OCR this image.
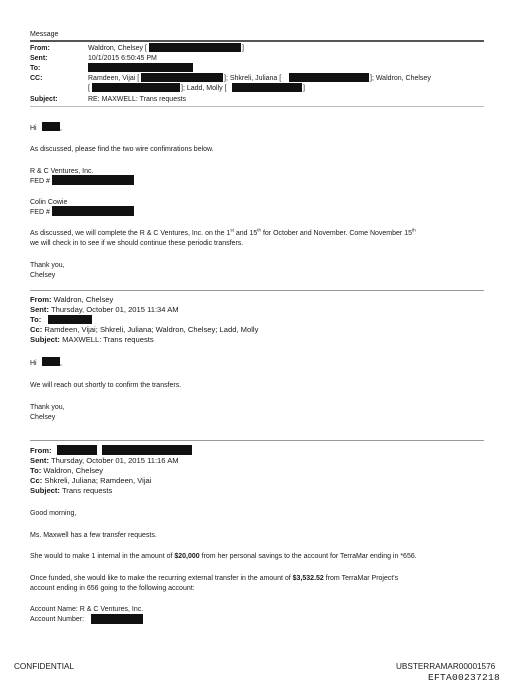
Message
From:	Waldron, Chelsey [	]
Sent:	10/1/2015 6:50:45 PM
To:
CC:	Ramdeen, Vijai [	]; Shkreli, Juliana [	]; Waldron, Chelsey
[	]; Ladd, Molly [	]
Subject:	RE: MAXWELL: Trans requests
Hi	,
As discussed, please find the two wire confimrations below.
R & C Ventures, Inc.
FED #
Colin Cowie
FED #
As discussed, we will complete the R & C Ventures, Inc. on the 1st and 15th for October and November. Come November 15th
we will check in to see if we should continue these periodic transfers.
Thank you,
Chelsey
From: Waldron, Chelsey
Sent: Thursday, October 01, 2015 11:34 AM
To:
Cc: Ramdeen, Vijai; Shkreli, Juliana; Waldron, Chelsey; Ladd, Molly
Subject: MAXWELL: Trans requests
Hi	,
We will reach out shortly to confirm the transfers.
Thank you,
Chelsey
From:
Sent: Thursday, October 01, 2015 11:16 AM
To: Waldron, Chelsey
Cc: Shkreli, Juliana; Ramdeen, Vijai
Subject: Trans requests
Good morning,
Ms. Maxwell has a few transfer requests.
She would to make 1 internal in the amount of $20,000 from her personal savings to the account for TerraMar ending in *656.
Once funded, she would like to make the recurring external transfer in the amount of $3,532.52 from TerraMar Project's
account ending in 656 going to the following account:
Account Name: R & C Ventures, Inc.
Account Number:
CONFIDENTIAL	UBSTERRAMAR00001576
EFTA00237218
